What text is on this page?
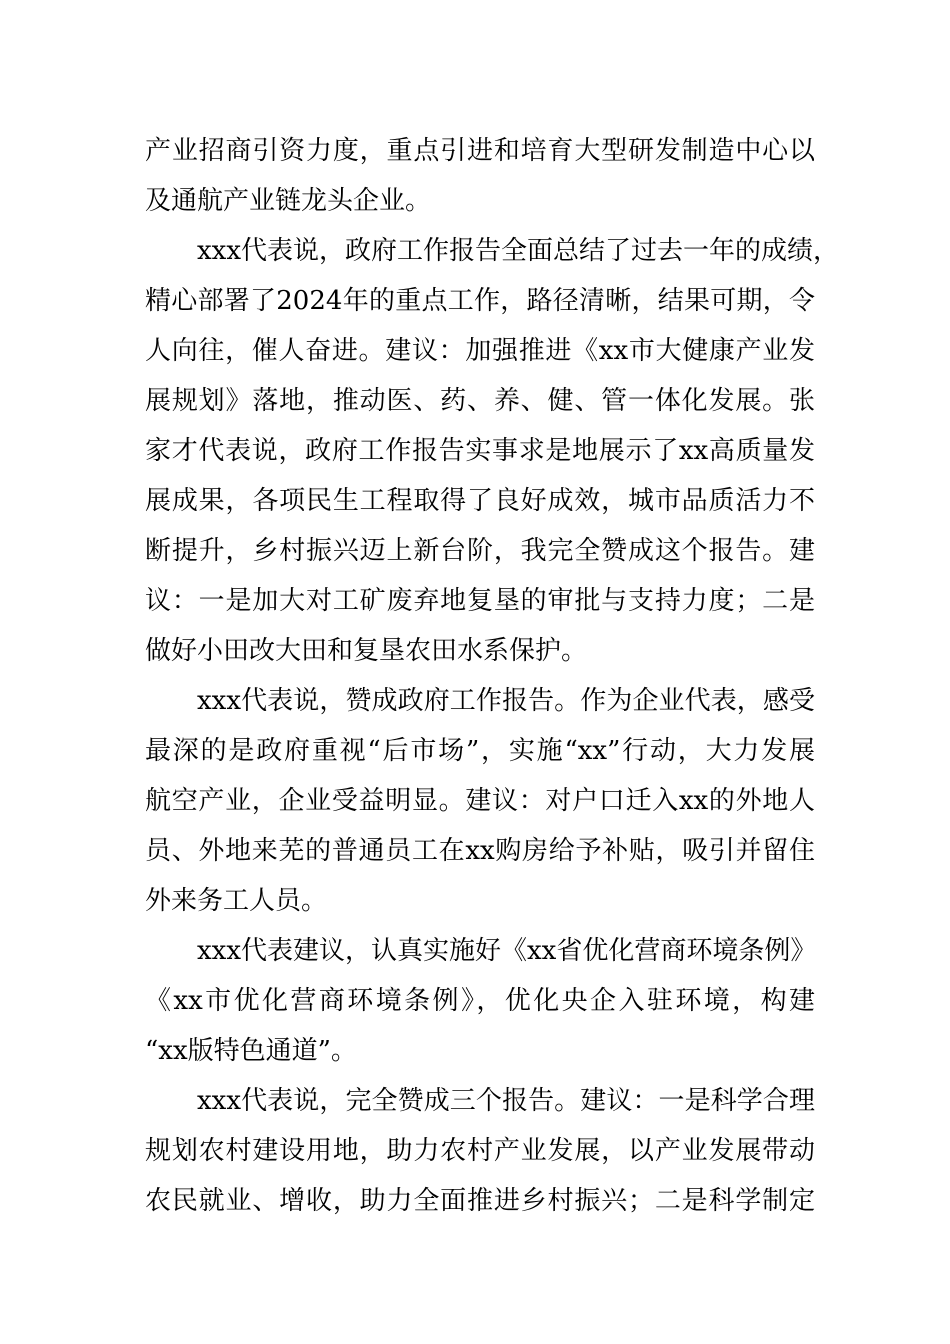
产业招商引资力度，重点引进和培育大型研发制造中心以
及通航产业链龙头企业。
xxx代表说，政府工作报告全面总结了过去一年的成绩，
精心部署了2024年的重点工作，路径清晰，结果可期，令
人向往，催人奋进。建议：加强推进《xx市大健康产业发
展规划》落地，推动医、药、养、健、管一体化发展。张
家才代表说，政府工作报告实事求是地展示了xx高质量发
展成果，各项民生工程取得了良好成效，城市品质活力不
断提升，乡村振兴迈上新台阶，我完全赞成这个报告。建
议：一是加大对工矿废弃地复垦的审批与支持力度；二是
做好小田改大田和复垦农田水系保护。
xxx代表说，赞成政府工作报告。作为企业代表，感受
最深的是政府重视“后市场”，实施“xx”行动，大力发展
航空产业，企业受益明显。建议：对户口迁入xx的外地人
员、外地来芜的普通员工在xx购房给予补贴，吸引并留住
外来务工人员。
xxx代表建议，认真实施好《xx省优化营商环境条例》
《xx市优化营商环境条例》，优化央企入驻环境，构建
“xx版特色通道”。
xxx代表说，完全赞成三个报告。建议：一是科学合理
规划农村建设用地，助力农村产业发展，以产业发展带动
农民就业、增收，助力全面推进乡村振兴；二是科学制定
